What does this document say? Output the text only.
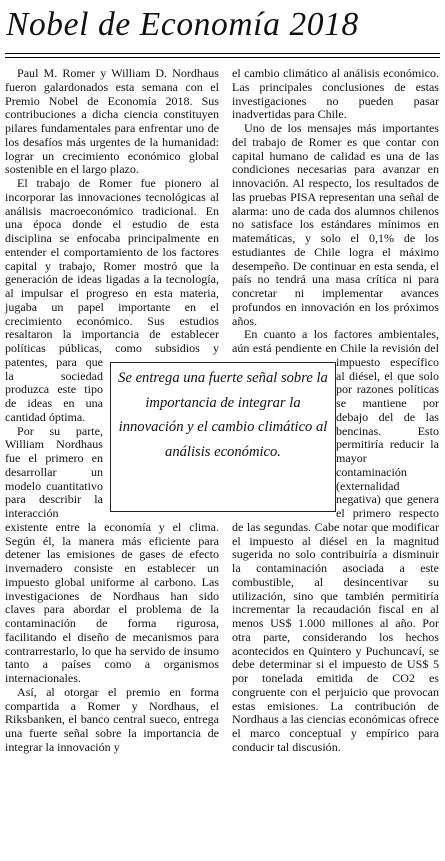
Nobel de Economía 2018

Paul M. Romer y William D. Nordhaus fueron galardonados esta semana con el Premio Nobel de Economía 2018. Sus contribuciones a dicha ciencia constituyen pilares fundamentales para enfrentar uno de los desafíos más urgentes de la humanidad: lograr un crecimiento económico global sostenible en el largo plazo.

El trabajo de Romer fue pionero al incorporar las innovaciones tecnológicas al análisis macroeconómico tradicional. En una época donde el estudio de esta disciplina se enfocaba principalmente en entender el comportamiento de los factores capital y trabajo, Romer mostró que la generación de ideas ligadas a la tecnología, al impulsar el progreso en esta materia, jugaba un papel importante en el crecimiento económico. Sus estudios resaltaron la importancia de establecer políticas públicas, como subsidios y patentes, para que la sociedad produzca este tipo de ideas en una cantidad óptima.

Por su parte, William Nordhaus fue el primero en desarrollar un modelo cuantitativo para describir la interacción existente entre la economía y el clima. Según él, la manera más eficiente para detener las emisiones de gases de efecto invernadero consiste en establecer un impuesto global uniforme al carbono. Las investigaciones de Nordhaus han sido claves para abordar el problema de la contaminación de forma rigurosa, facilitando el diseño de mecanismos para contrarrestarlo, lo que ha servido de insumo tanto a países como a organismos internacionales.

Así, al otorgar el premio en forma compartida a Romer y Nordhaus, el Riksbanken, el banco central sueco, entrega una fuerte señal sobre la importancia de integrar la innovación y

el cambio climático al análisis económico. Las principales conclusiones de estas investigaciones no pueden pasar inadvertidas para Chile.

Uno de los mensajes más importantes del trabajo de Romer es que contar con capital humano de calidad es una de las condiciones necesarias para avanzar en innovación. Al respecto, los resultados de las pruebas PISA representan una señal de alarma: uno de cada dos alumnos chilenos no satisface los estándares mínimos en matemáticas, y solo el 0,1% de los estudiantes de Chile logra el máximo desempeño. De continuar en esta senda, el país no tendrá una masa crítica ni para concretar ni implementar avances profundos en innovación en los próximos años.

En cuanto a los factores ambientales, aún está pendiente en Chile la revisión del impuesto específico al diésel, el que solo por razones políticas se mantiene por debajo del de las bencinas. Esto permitiría reducir la mayor contaminación (externalidad negativa) que genera el primero respecto de las segundas. Cabe notar que modificar el impuesto al diésel en la magnitud sugerida no solo contribuiría a disminuir la contaminación asociada a este combustible, al desincentivar su utilización, sino que también permitiría incrementar la recaudación fiscal en al menos US$ 1.000 millones al año. Por otra parte, considerando los hechos acontecidos en Quintero y Puchuncaví, se debe determinar si el impuesto de US$ 5 por tonelada emitida de CO2 es congruente con el perjuicio que provocan estas emisiones. La contribución de Nordhaus a las ciencias económicas ofrece el marco conceptual y empírico para conducir tal discusión.

Se entrega una fuerte señal sobre la importancia de integrar la innovación y el cambio climático al análisis económico.
